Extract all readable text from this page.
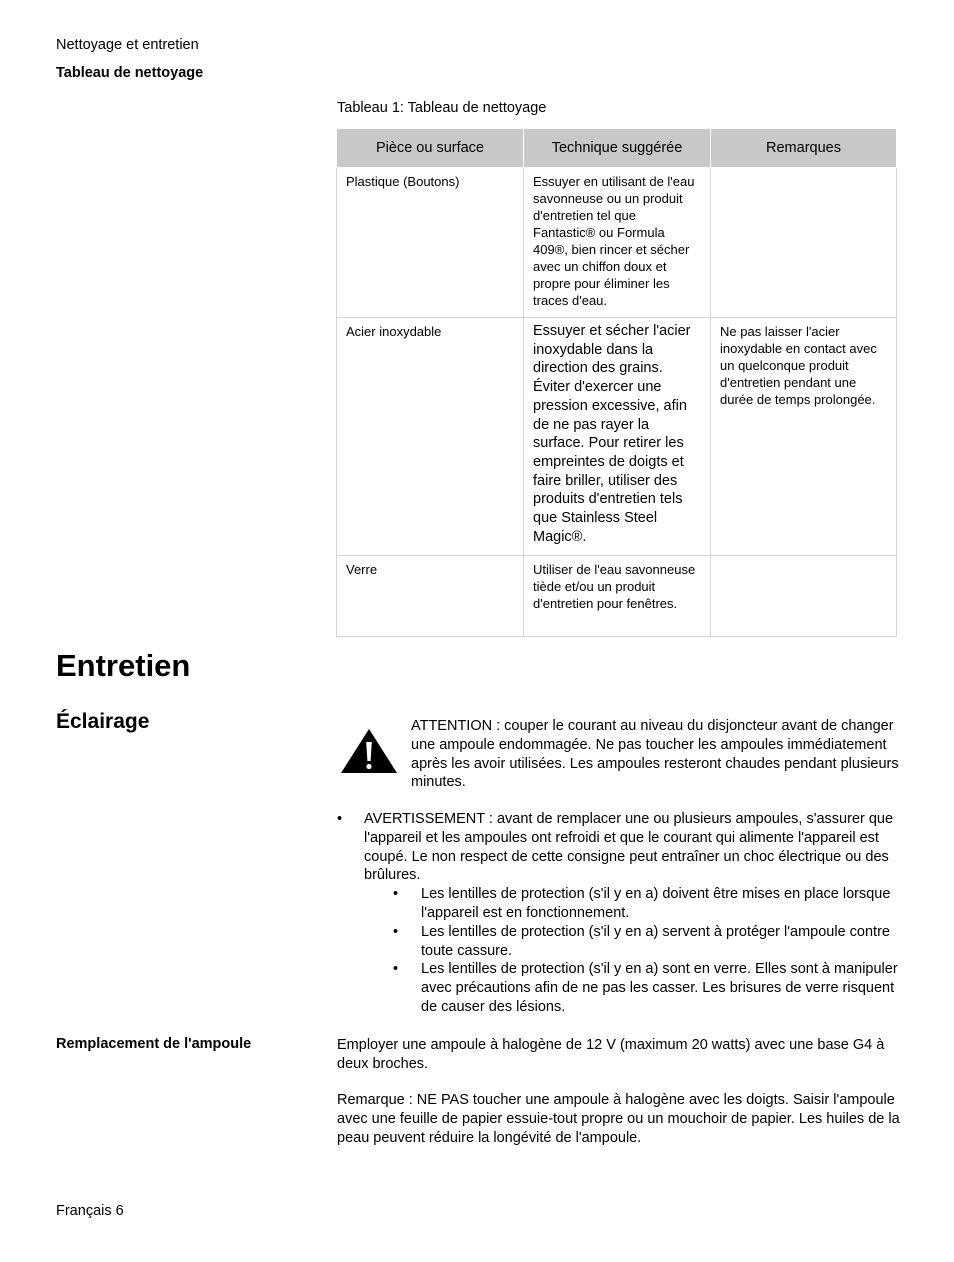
Nettoyage et entretien
Tableau de nettoyage
Tableau 1: Tableau de nettoyage
Pièce ou surface	Technique suggérée	Remarques
Plastique (Boutons)	Essuyer en utilisant de l'eau savonneuse ou un produit d'entretien tel que Fantastic® ou Formula 409®, bien rincer et sécher avec un chiffon doux et propre pour éliminer les traces d'eau.	
Acier inoxydable	Essuyer et sécher l'acier inoxydable dans la direction des grains. Éviter d'exercer une pression excessive, afin de ne pas rayer la surface. Pour retirer les empreintes de doigts et faire briller, utiliser des produits d'entretien tels que Stainless Steel Magic®.	Ne pas laisser l'acier inoxydable en contact avec un quelconque produit d'entretien pendant une durée de temps prolongée.
Verre	Utiliser de l'eau savonneuse tiède et/ou un produit d'entretien pour fenêtres.	
Entretien
Éclairage	ATTENTION : couper le courant au niveau du disjoncteur avant de changer une ampoule endommagée. Ne pas toucher les ampoules immédiatement après les avoir utilisées. Les ampoules resteront chaudes pendant plusieurs minutes.
• AVERTISSEMENT : avant de remplacer une ou plusieurs ampoules, s'assurer que l'appareil et les ampoules ont refroidi et que le courant qui alimente l'appareil est coupé. Le non respect de cette consigne peut entraîner un choc électrique ou des brûlures.
• Les lentilles de protection (s'il y en a) doivent être mises en place lorsque l'appareil est en fonctionnement.
• Les lentilles de protection (s'il y en a) servent à protéger l'ampoule contre toute cassure.
• Les lentilles de protection (s'il y en a) sont en verre. Elles sont à manipuler avec précautions afin de ne pas les casser. Les brisures de verre risquent de causer des lésions.
Remplacement de l'ampoule	Employer une ampoule à halogène de 12 V (maximum 20 watts) avec une base G4 à deux broches.
Remarque : NE PAS toucher une ampoule à halogène avec les doigts. Saisir l'ampoule avec une feuille de papier essuie-tout propre ou un mouchoir de papier. Les huiles de la peau peuvent réduire la longévité de l'ampoule.
Français 6
